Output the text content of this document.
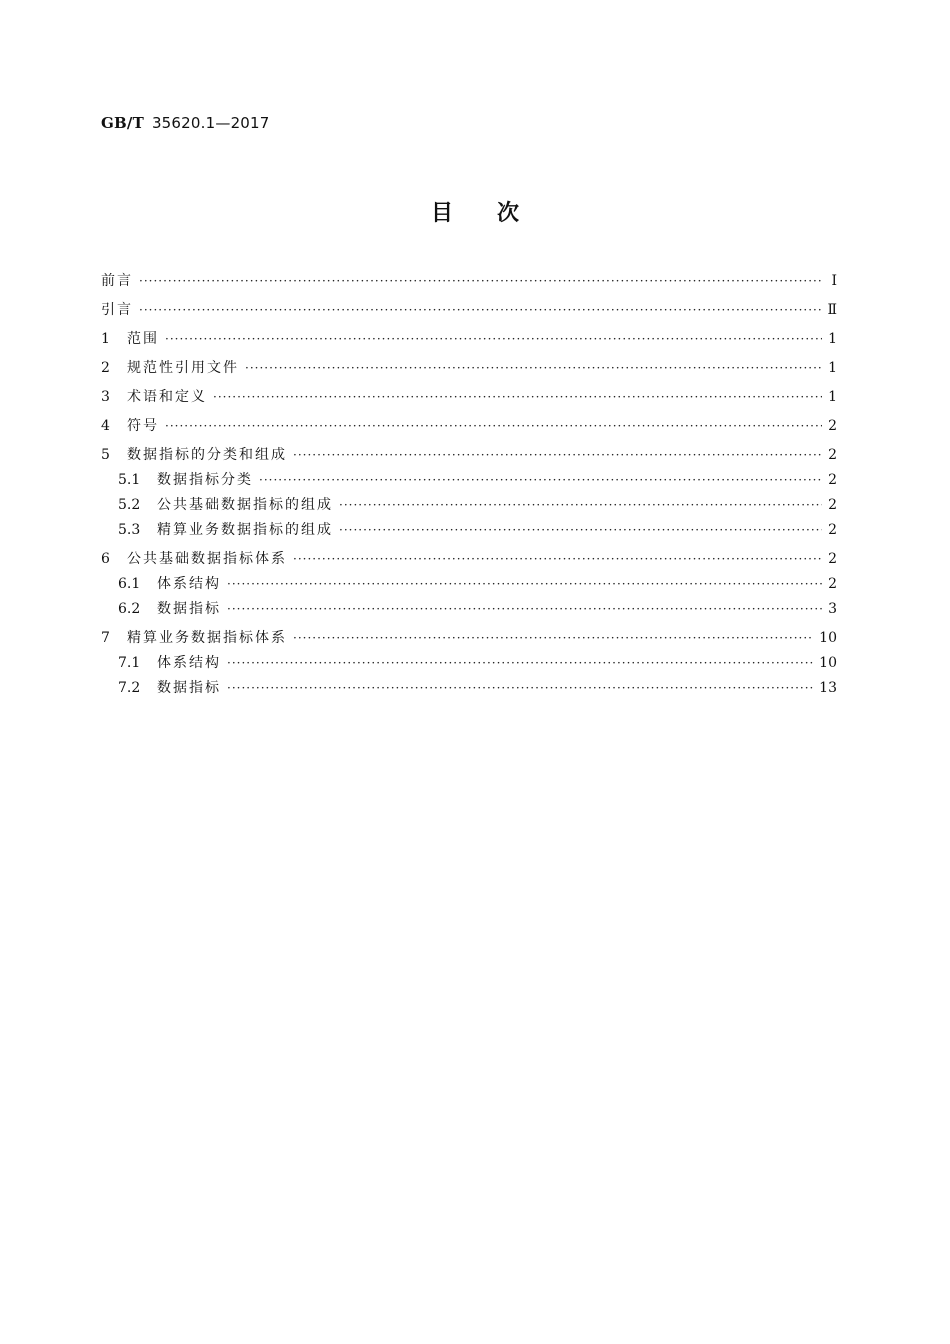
GB/T 35620.1—2017
目次
前言 ·····	Ⅰ
引言 ·····	Ⅱ
1	范围 ·····	1
2	规范性引用文件 ·····	1
3	术语和定义 ·····	1
4	符号 ·····	2
5	数据指标的分类和组成 ·····	2
5.1	数据指标分类 ·····	2
5.2	公共基础数据指标的组成 ·····	2
5.3	精算业务数据指标的组成 ·····	2
6	公共基础数据指标体系 ·····	2
6.1	体系结构 ·····	2
6.2	数据指标 ·····	3
7	精算业务数据指标体系 ·····	10
7.1	体系结构 ·····	10
7.2	数据指标 ·····	13
